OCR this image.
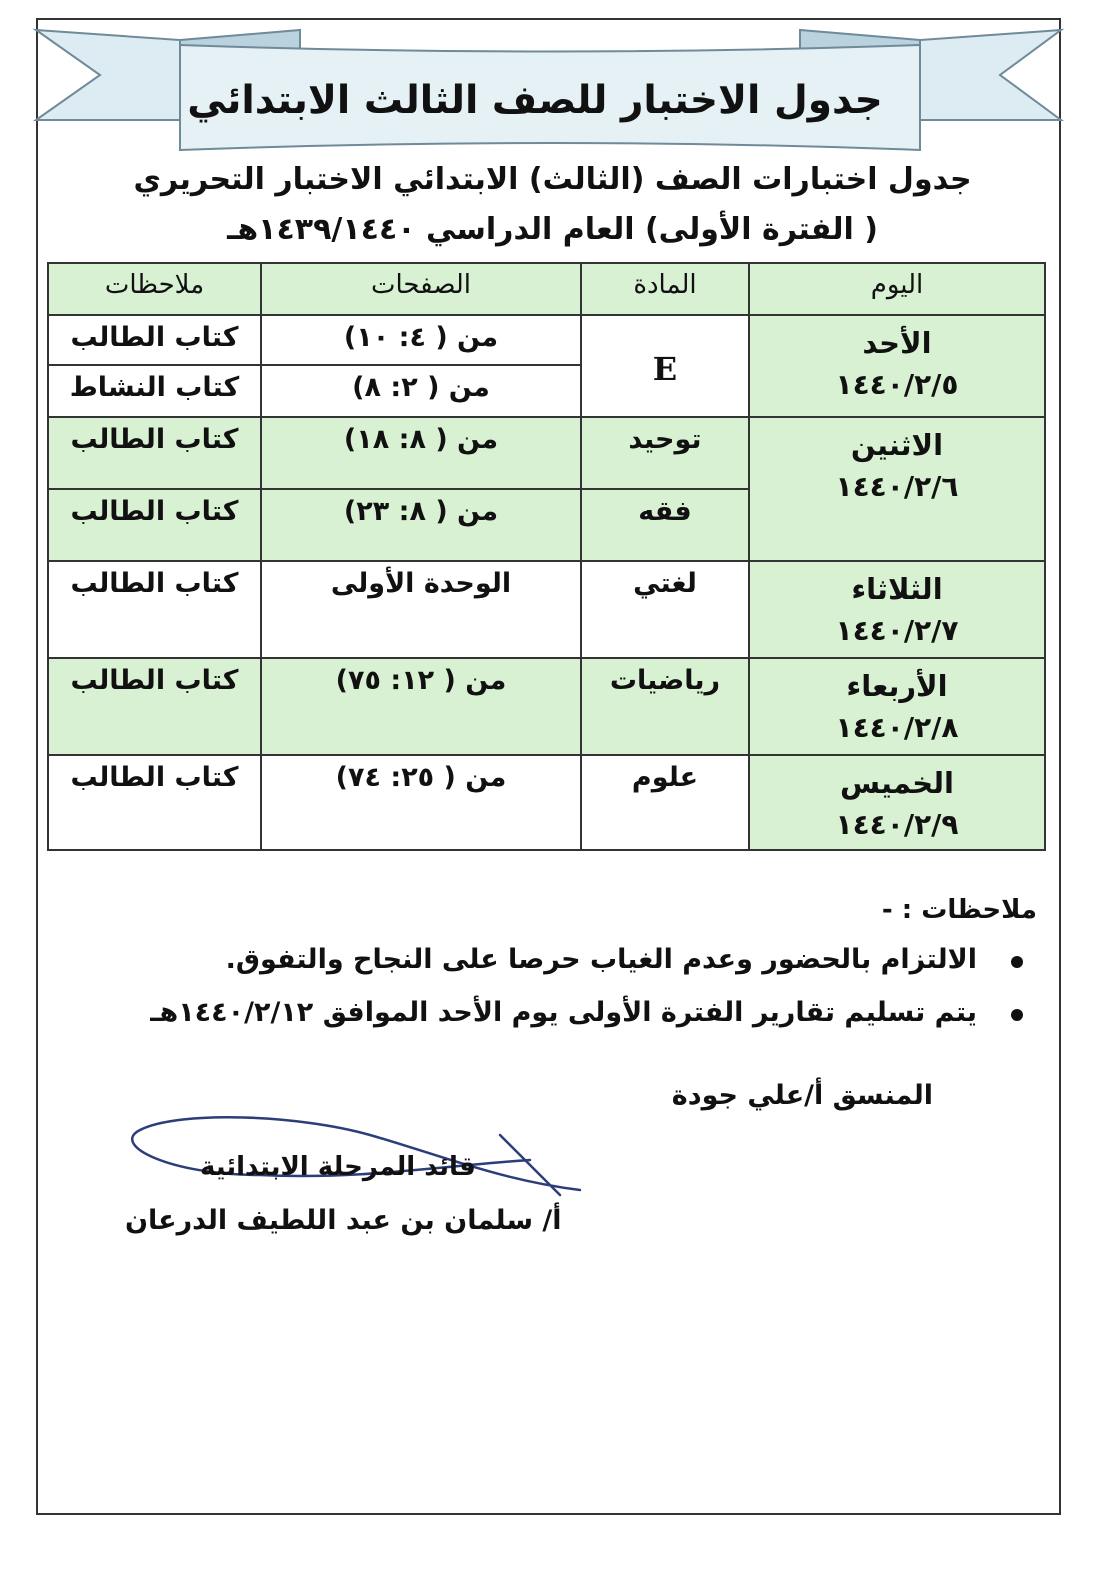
جدول الاختبار للصف الثالث الابتدائي
جدول اختبارات الصف (الثالث) الابتدائي الاختبار التحريري
( الفترة الأولى) العام الدراسي ١٤٣٩/١٤٤٠هـ
اليوم	المادة	الصفحات	ملاحظات

الأحد
١٤٤٠/٢/٥	E	من ( ٤: ١٠)	كتاب الطالب
		من ( ٢: ٨)	كتاب النشاط

الاثنين
١٤٤٠/٢/٦	توحيد	من ( ٨: ١٨)	كتاب الطالب
	فقه	من ( ٨: ٢٣)	كتاب الطالب

الثلاثاء
١٤٤٠/٢/٧	لغتي	الوحدة الأولى	كتاب الطالب

الأربعاء
١٤٤٠/٢/٨	رياضيات	من ( ١٢: ٧٥)	كتاب الطالب

الخميس
١٤٤٠/٢/٩	علوم	من ( ٢٥: ٧٤)	كتاب الطالب
ملاحظات : -
الالتزام بالحضور وعدم الغياب حرصا على النجاح والتفوق.
يتم تسليم تقارير الفترة الأولى يوم الأحد الموافق ١٤٤٠/٢/١٢هـ
المنسق أ/علي جودة
قائد المرحلة الابتدائية
أ/ سلمان بن عبد اللطيف الدرعان
